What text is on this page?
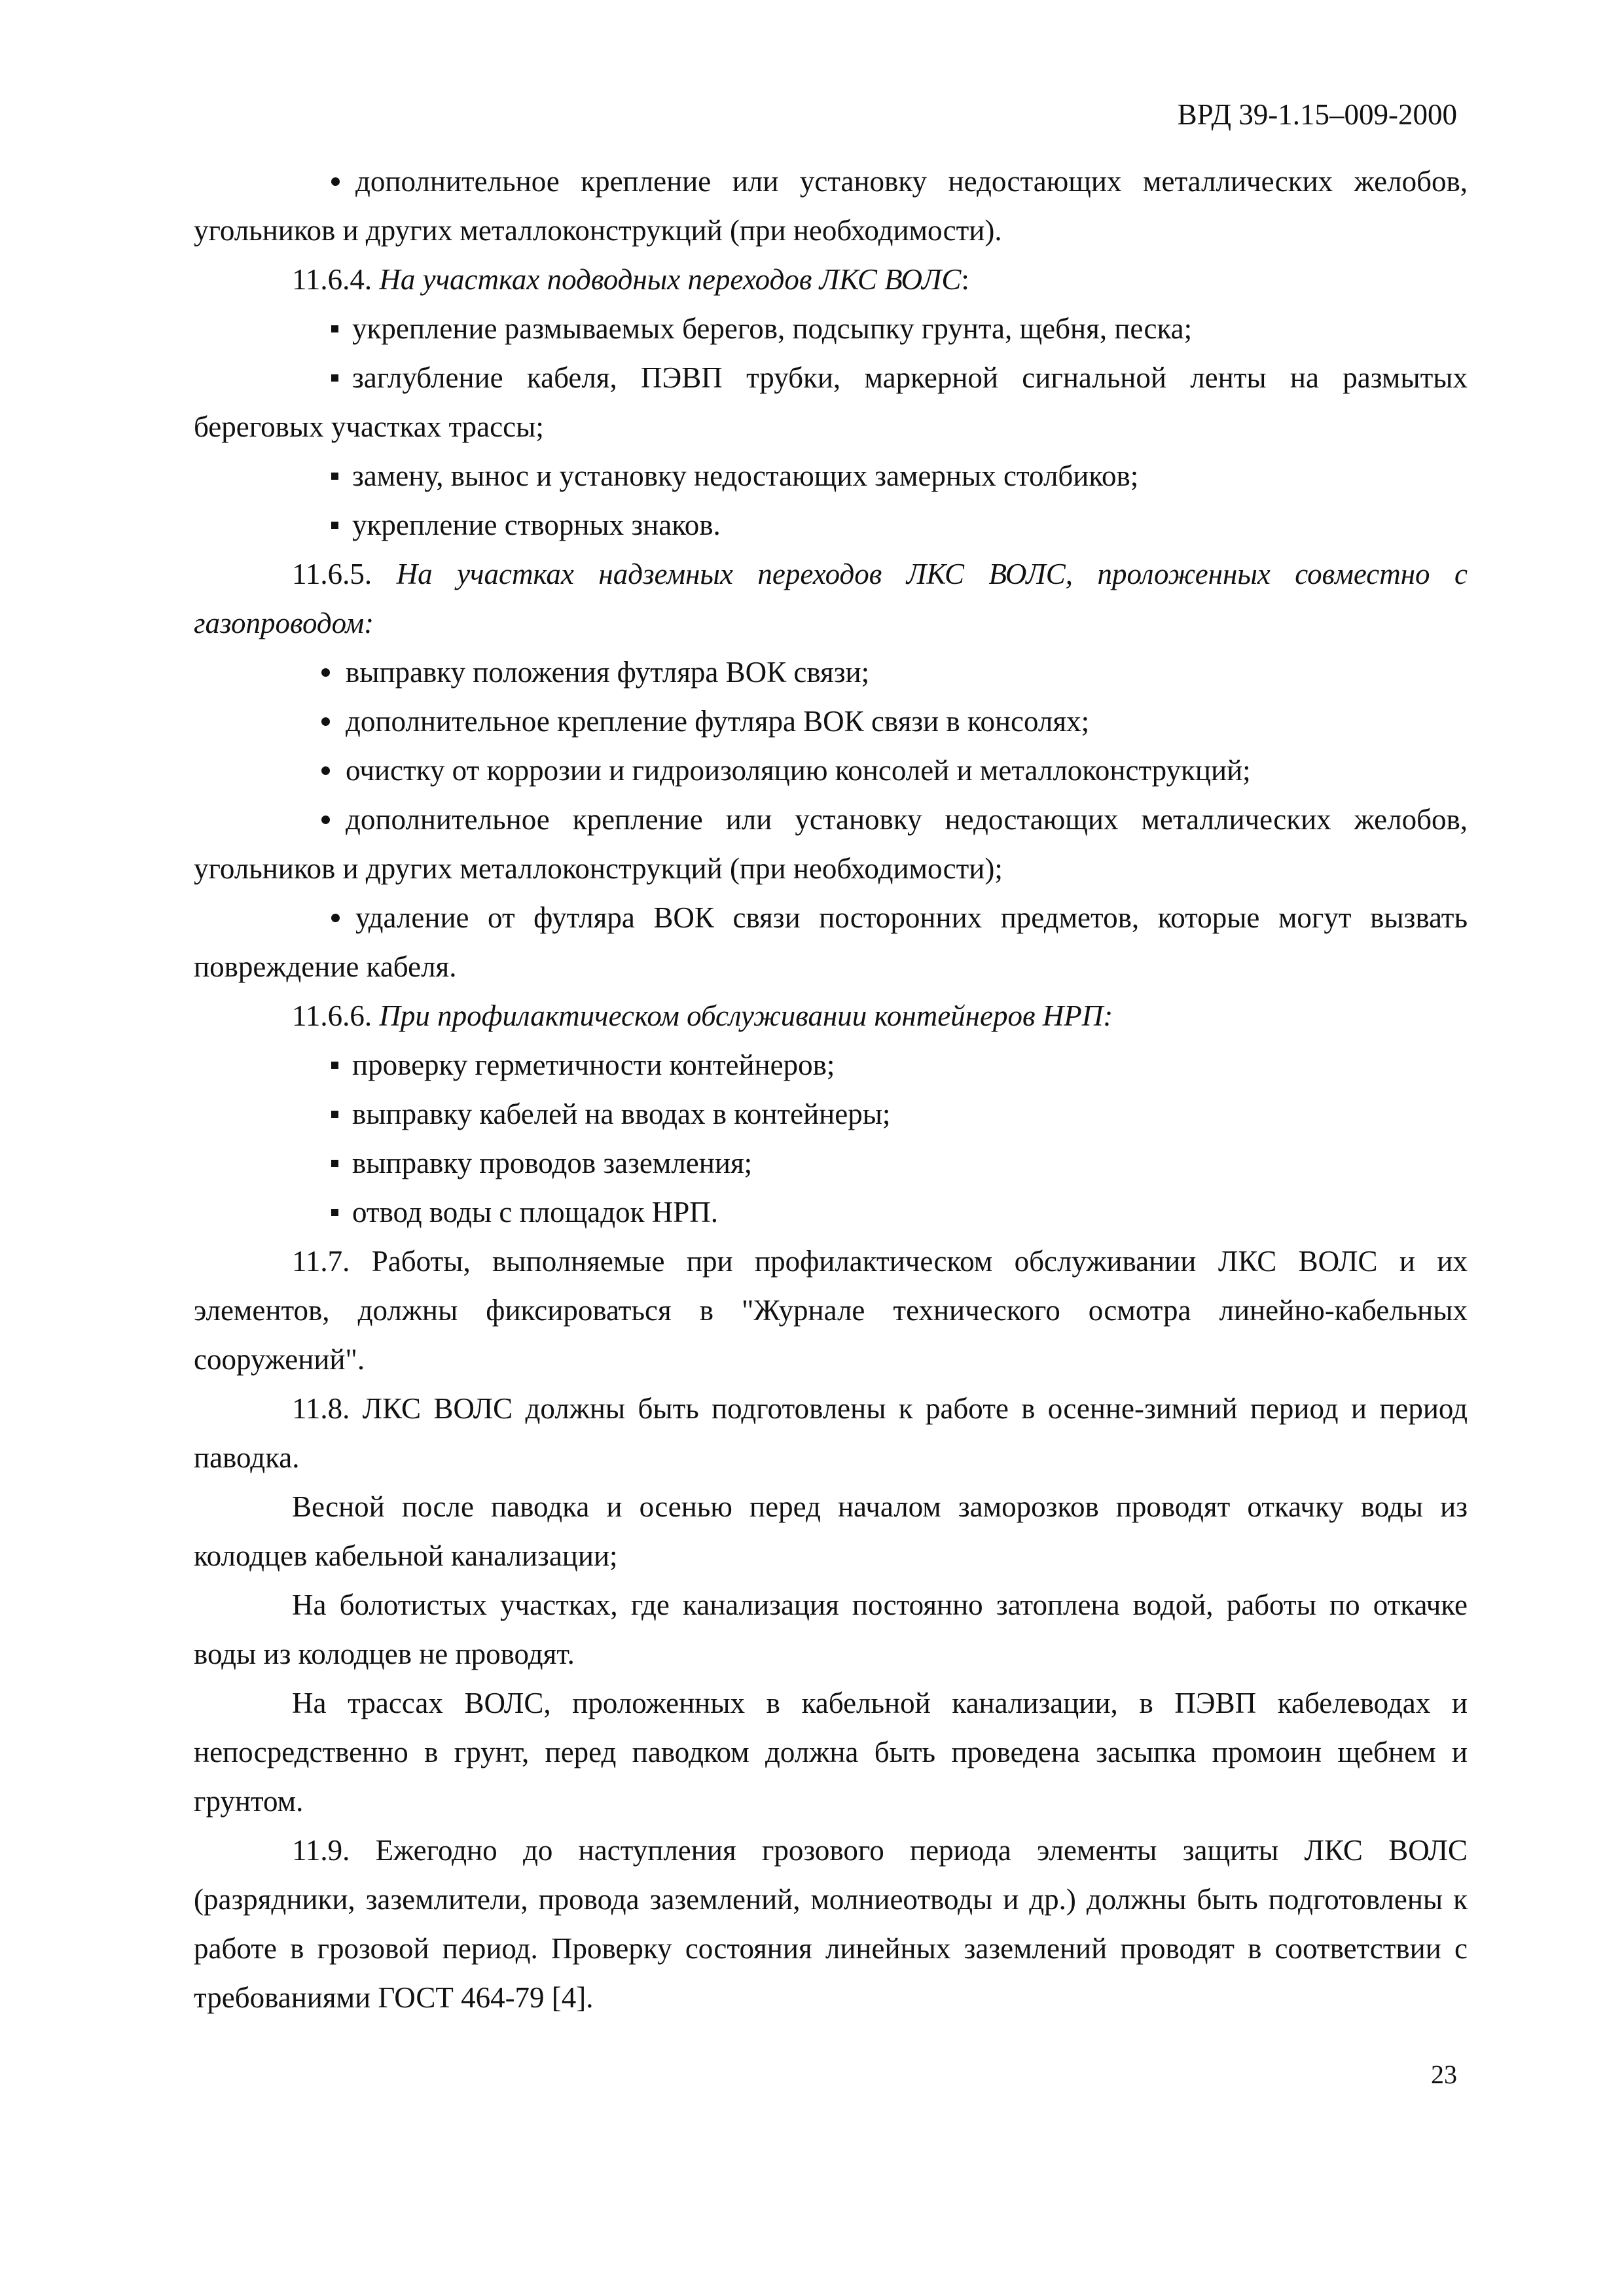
ВРД 39-1.15–009-2000

дополнительное крепление или установку недостающих металлических желобов, угольников и других металлоконструкций (при необходимости).

11.6.4. На участках подводных переходов ЛКС ВОЛС:

укрепление размываемых берегов, подсыпку грунта, щебня, песка;

заглубление кабеля, ПЭВП трубки, маркерной сигнальной ленты на размытых береговых участках трассы;

замену, вынос и установку недостающих замерных столбиков;

укрепление створных знаков.

11.6.5. На участках надземных переходов ЛКС ВОЛС, проложенных совместно с газопроводом:

выправку положения футляра ВОК связи;

дополнительное крепление футляра ВОК связи в консолях;

очистку от коррозии и гидроизоляцию консолей и металлоконструкций;

дополнительное крепление или установку недостающих металлических желобов, угольников и других металлоконструкций (при необходимости);

удаление от футляра ВОК связи посторонних предметов, которые могут вызвать повреждение кабеля.

11.6.6. При профилактическом обслуживании контейнеров НРП:

проверку герметичности контейнеров;

выправку кабелей на вводах в контейнеры;

выправку проводов заземления;

отвод воды с площадок НРП.

11.7. Работы, выполняемые при профилактическом обслуживании ЛКС ВОЛС и их элементов, должны фиксироваться в "Журнале технического осмотра линейно-кабельных сооружений".

11.8. ЛКС ВОЛС должны быть подготовлены к работе в осенне-зимний период и период паводка.

Весной после паводка и осенью перед началом заморозков проводят откачку воды из колодцев кабельной канализации;

На болотистых участках, где канализация постоянно затоплена водой, работы по откачке воды из колодцев не проводят.

На трассах ВОЛС, проложенных в кабельной канализации, в ПЭВП кабелеводах и непосредственно в грунт, перед паводком должна быть проведена засыпка промоин щебнем и грунтом.

11.9. Ежегодно до наступления грозового периода элементы защиты ЛКС ВОЛС (разрядники, заземлители, провода заземлений, молниеотводы и др.) должны быть подготовлены к работе в грозовой период. Проверку состояния линейных заземлений проводят в соответствии с требованиями ГОСТ 464-79 [4].

23
